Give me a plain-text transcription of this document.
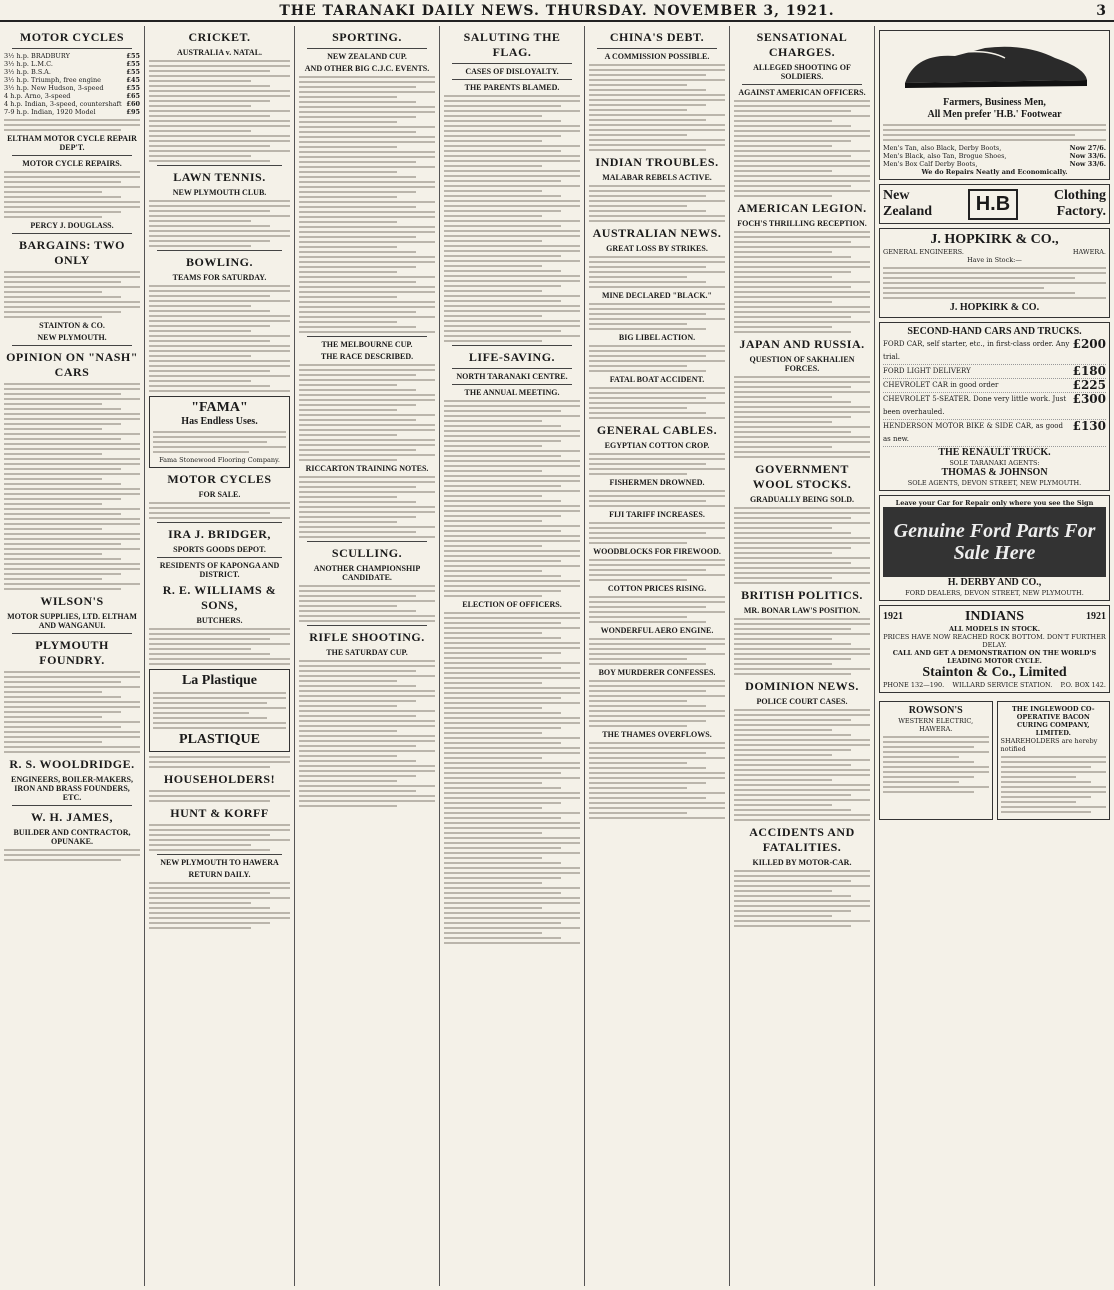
THE TARANAKI DAILY NEWS. THURSDAY. NOVEMBER 3, 1921.	3
MOTOR CYCLES
3½ h.p. BRADBURY	£55
3½ h.p. L.M.C.	£55
3½ h.p. B.S.A.	£55
3½ h.p. Triumph, free engine	£45
3½ h.p. New Hudson, 3-speed	£55
4 h.p. Arno, 3-speed	£65
4 h.p. Indian, 3-speed, countershaft £60
7-9 h.p. Indian, 1920 Model	£95
ELTHAM MOTOR CYCLE REPAIR DEP'T.
MOTOR CYCLE REPAIRS.
PERCY J. DOUGLASS.
BARGAINS: TWO ONLY
STAINTON & CO.
NEW PLYMOUTH.
OPINION ON "NASH" CARS
WILSON'S
MOTOR SUPPLIES, LTD. ELTHAM AND WANGANUI.
PLYMOUTH FOUNDRY.
R. S. WOOLDRIDGE.
ENGINEERS, BOILER-MAKERS, IRON AND BRASS FOUNDERS, ETC.
W. H. JAMES,
BUILDER AND CONTRACTOR, OPUNAKE.
CRICKET.
AUSTRALIA v. NATAL.
LAWN TENNIS.
NEW PLYMOUTH CLUB.
BOWLING.
TEAMS FOR SATURDAY.
"FAMA"
Has Endless Uses.
Fama Stonewood Flooring Company.
MOTOR CYCLES
FOR SALE.
IRA J. BRIDGER,
SPORTS GOODS DEPOT.
RESIDENTS OF KAPONGA AND DISTRICT.
R. E. WILLIAMS & SONS,
BUTCHERS.
La Plastique
PLASTIQUE
HOUSEHOLDERS!
HUNT & KORFF
NEW PLYMOUTH TO HAWERA
RETURN DAILY.
SPORTING.
NEW ZEALAND CUP.
AND OTHER BIG C.J.C. EVENTS.
THE MELBOURNE CUP.
THE RACE DESCRIBED.
RICCARTON TRAINING NOTES.
SCULLING.
ANOTHER CHAMPIONSHIP CANDIDATE.
RIFLE SHOOTING.
THE SATURDAY CUP.
SALUTING THE FLAG.
CASES OF DISLOYALTY.
THE PARENTS BLAMED.
LIFE-SAVING.
NORTH TARANAKI CENTRE.
THE ANNUAL MEETING.
ELECTION OF OFFICERS.
CHINA'S DEBT.
A COMMISSION POSSIBLE.
INDIAN TROUBLES.
MALABAR REBELS ACTIVE.
AUSTRALIAN NEWS.
GREAT LOSS BY STRIKES.
MINE DECLARED "BLACK."
BIG LIBEL ACTION.
FATAL BOAT ACCIDENT.
GENERAL CABLES.
EGYPTIAN COTTON CROP.
FISHERMEN DROWNED.
FIJI TARIFF INCREASES.
WOODBLOCKS FOR FIREWOOD.
COTTON PRICES RISING.
WONDERFUL AERO ENGINE.
BOY MURDERER CONFESSES.
THE THAMES OVERFLOWS.
SENSATIONAL CHARGES.
ALLEGED SHOOTING OF SOLDIERS.
AGAINST AMERICAN OFFICERS.
AMERICAN LEGION.
FOCH'S THRILLING RECEPTION.
JAPAN AND RUSSIA.
QUESTION OF SAKHALIEN FORCES.
GOVERNMENT WOOL STOCKS.
GRADUALLY BEING SOLD.
BRITISH POLITICS.
MR. BONAR LAW'S POSITION.
DOMINION NEWS.
POLICE COURT CASES.
ACCIDENTS AND FATALITIES.
KILLED BY MOTOR-CAR.
Farmers, Business Men,
All Men prefer 'H.B.' Footwear
Men's Tan, also Black, Derby Boots,	Now 27/6.
Men's Black, also Tan, Brogue Shoes,	Now 33/6.
Men's Box Calf Derby Boots,	Now 33/6.
We do Repairs Neatly and Economically.
New
Zealand	H.B	Clothing
Factory.
J. HOPKIRK & CO.,
GENERAL ENGINEERS.	HAWERA.
Have in Stock:—
J. HOPKIRK & CO.
SECOND-HAND CARS AND TRUCKS.
FORD CAR, self starter, etc., in first-class order. Any trial.
£200
FORD LIGHT DELIVERY	£180
CHEVROLET CAR in good order	£225
CHEVROLET 5-SEATER. Done very little work. Just been overhauled.
£300
HENDERSON MOTOR BIKE & SIDE CAR, as good as new.
£130
THE RENAULT TRUCK.
SOLE TARANAKI AGENTS:
THOMAS & JOHNSON
SOLE AGENTS, DEVON STREET, NEW PLYMOUTH.
Leave your Car for Repair only where you see the Sign
Genuine Ford Parts For Sale Here
H. DERBY AND CO.,
FORD DEALERS, DEVON STREET, NEW PLYMOUTH.
1921	INDIANS	1921
ALL MODELS IN STOCK.
PRICES HAVE NOW REACHED ROCK BOTTOM. DON'T FURTHER DELAY.
CALL AND GET A DEMONSTRATION ON THE WORLD'S LEADING MOTOR CYCLE.
Stainton & Co., Limited
PHONE 132—190. WILLARD SERVICE STATION. P.O. BOX 142.
ROWSON'S
WESTERN ELECTRIC,
HAWERA.
THE INGLEWOOD CO-OPERATIVE BACON CURING COMPANY, LIMITED.
SHAREHOLDERS are hereby notified
